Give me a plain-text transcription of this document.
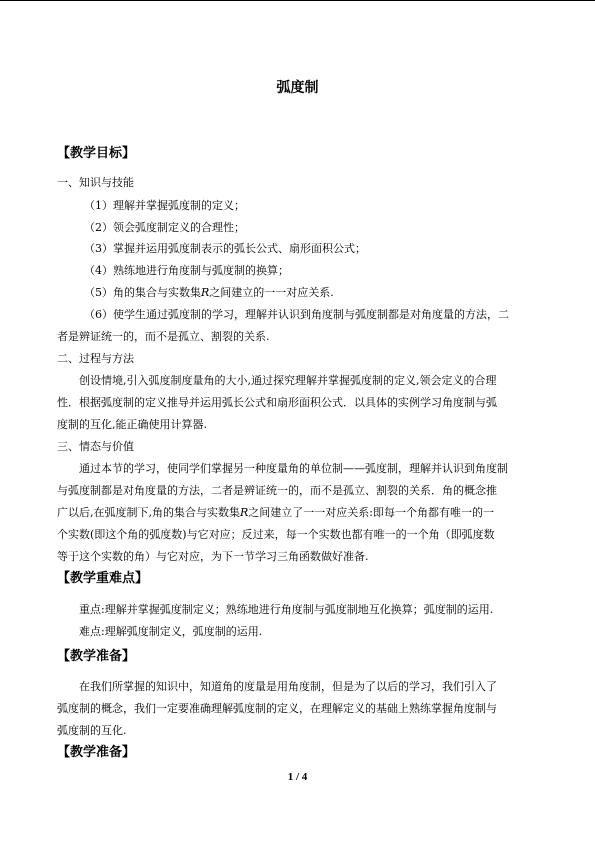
弧度制
【教学目标】
一、知识与技能
（1）理解并掌握弧度制的定义；
（2）领会弧度制定义的合理性；
（3）掌握并运用弧度制表示的弧长公式、扇形面积公式；
（4）熟练地进行角度制与弧度制的换算；
（5）角的集合与实数集R之间建立的一一对应关系.
（6）使学生通过弧度制的学习，理解并认识到角度制与弧度制都是对角度量的方法，二
者是辨证统一的，而不是孤立、割裂的关系.
二、过程与方法
创设情境,引入弧度制度量角的大小,通过探究理解并掌握弧度制的定义,领会定义的合理
性．根据弧度制的定义推导并运用弧长公式和扇形面积公式．以具体的实例学习角度制与弧
度制的互化,能正确使用计算器.
三、情态与价值
通过本节的学习，使同学们掌握另一种度量角的单位制——弧度制，理解并认识到角度制
与弧度制都是对角度量的方法，二者是辨证统一的，而不是孤立、割裂的关系．角的概念推
广以后,在弧度制下,角的集合与实数集R之间建立了一一对应关系:即每一个角都有唯一的一
个实数(即这个角的弧度数)与它对应；反过来，每一个实数也都有唯一的一个角（即弧度数
等于这个实数的角）与它对应，为下一节学习三角函数做好准备.
【教学重难点】
重点:理解并掌握弧度制定义；熟练地进行角度制与弧度制地互化换算；弧度制的运用.
难点:理解弧度制定义，弧度制的运用.
【教学准备】
在我们所掌握的知识中，知道角的度量是用角度制，但是为了以后的学习，我们引入了
弧度制的概念，我们一定要准确理解弧度制的定义，在理解定义的基础上熟练掌握角度制与
弧度制的互化.
【教学准备】
1 / 4
